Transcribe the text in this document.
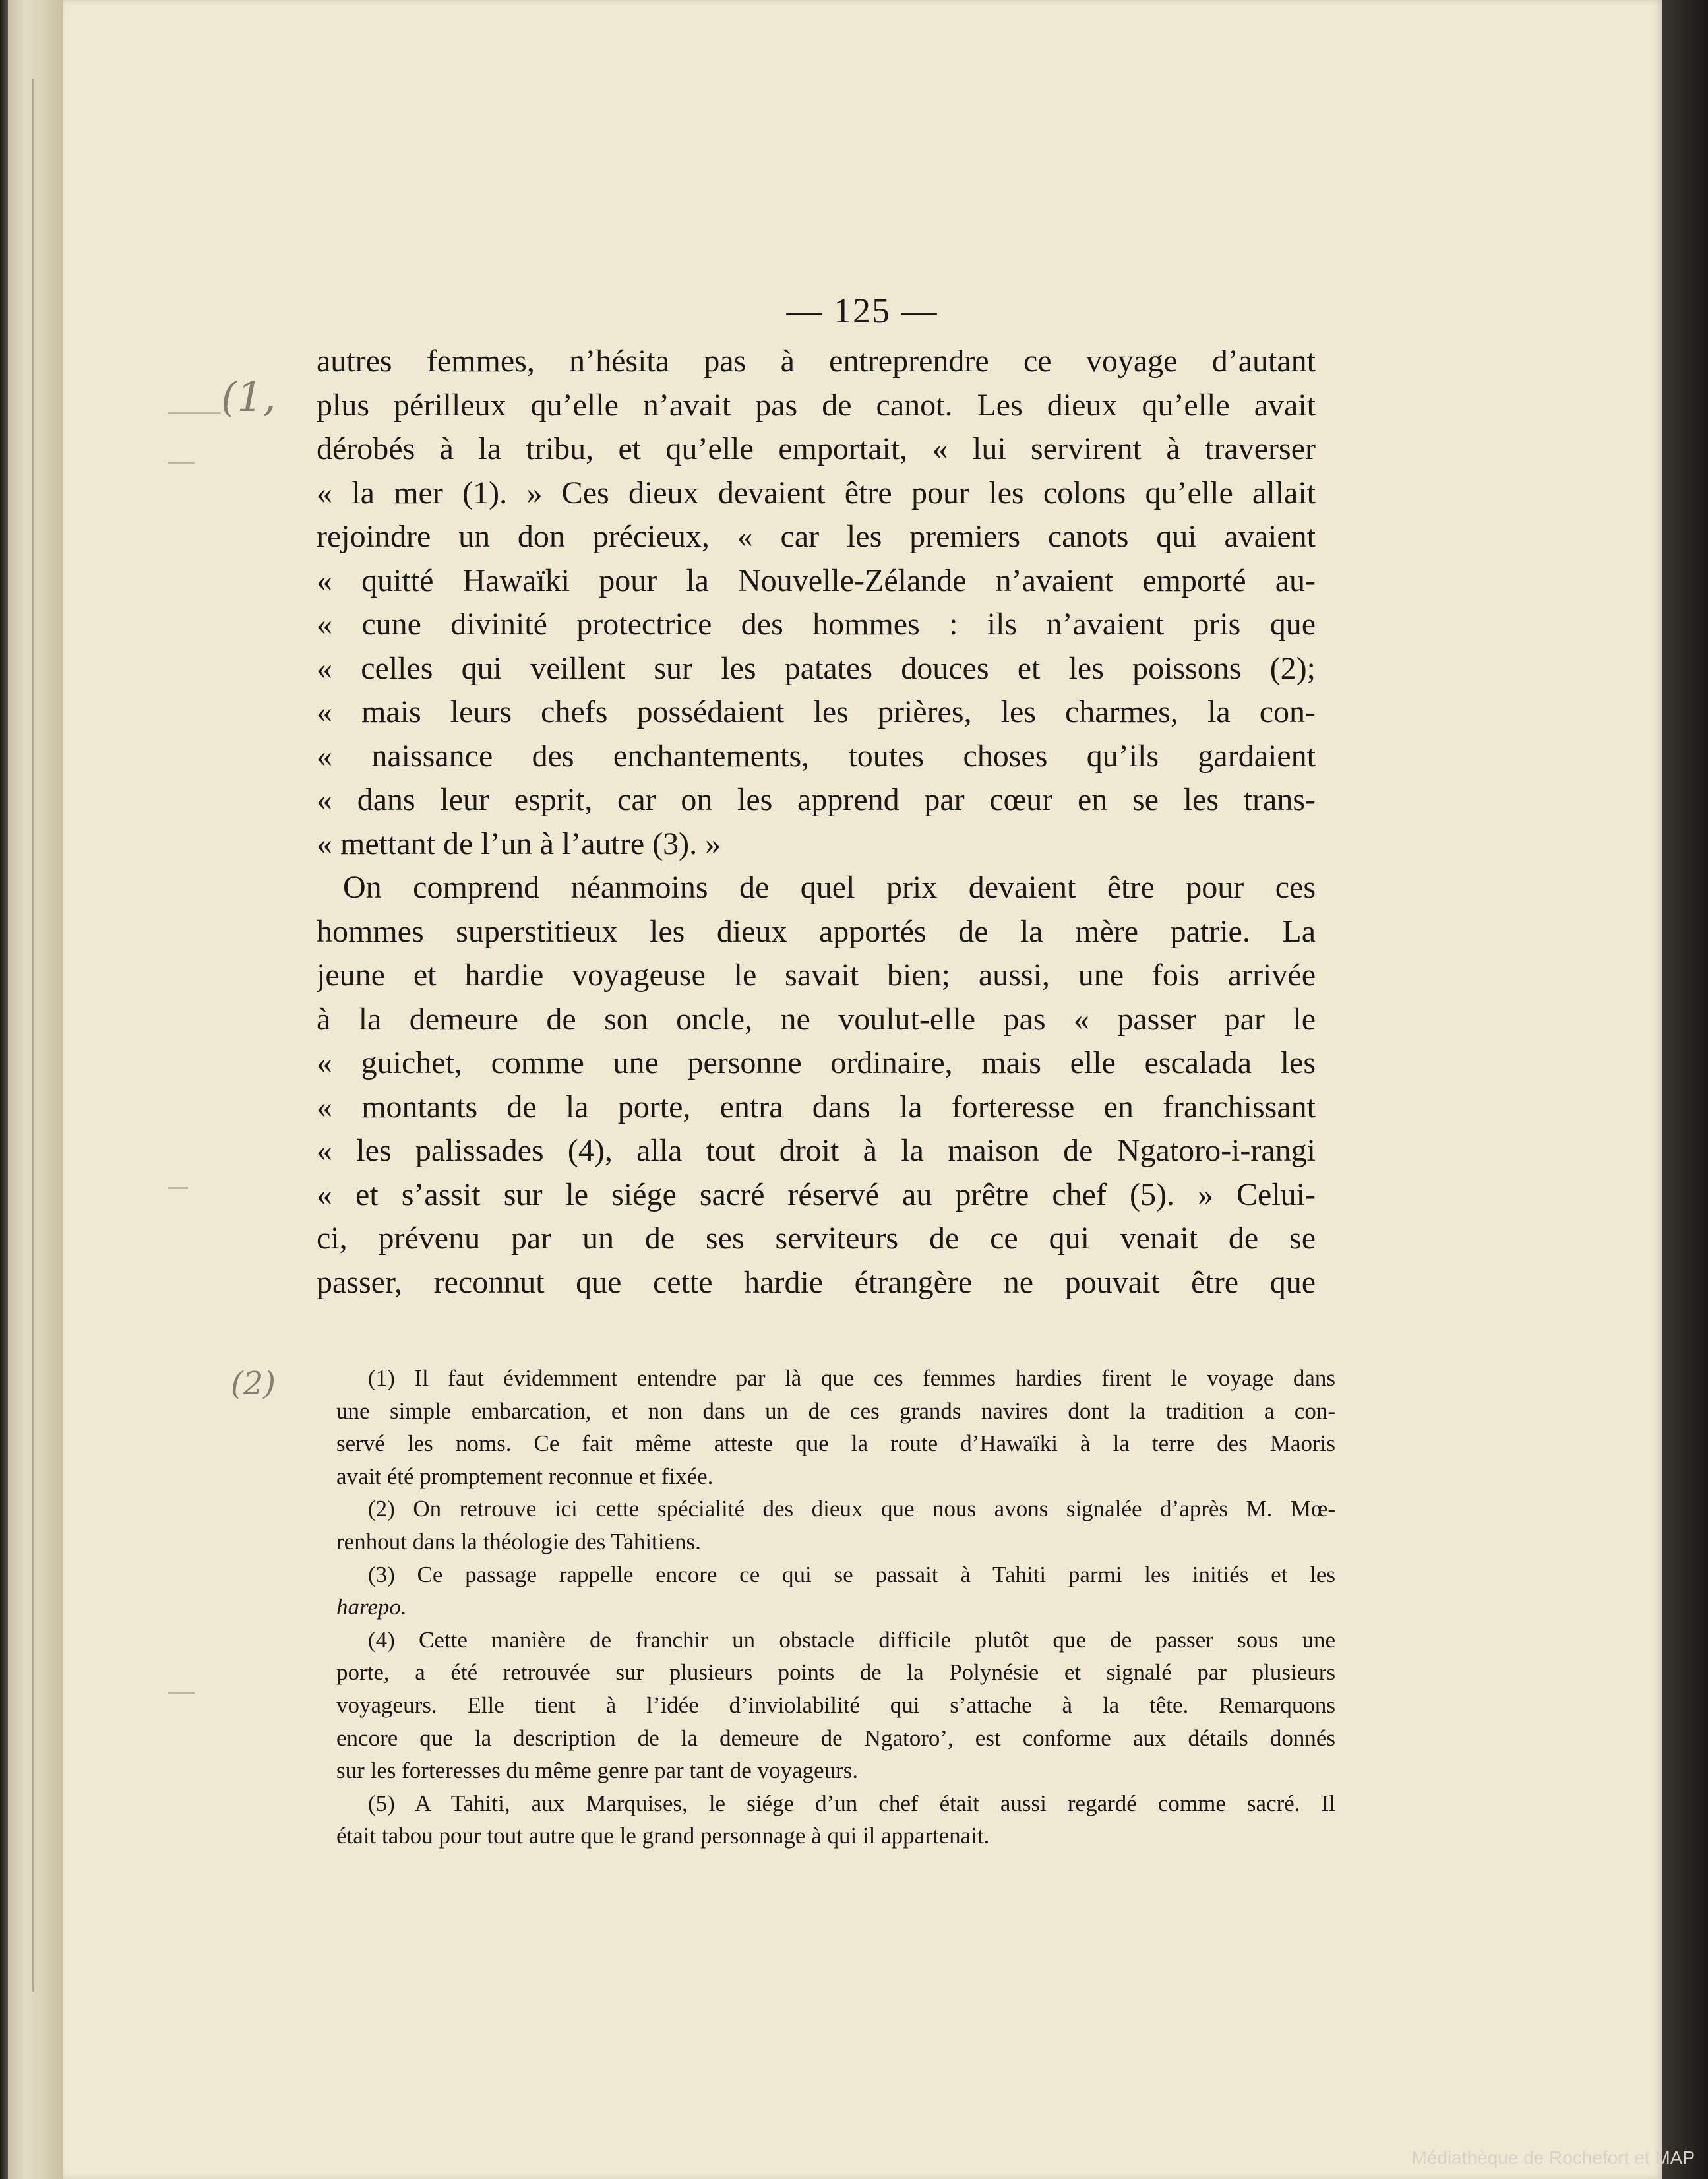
— 125 —
(1,
(2)
autres femmes, n’hésita pas à entreprendre ce voyage d’autant
plus périlleux qu’elle n’avait pas de canot. Les dieux qu’elle avait
dérobés à la tribu, et qu’elle emportait, « lui servirent à traverser
« la mer (1). » Ces dieux devaient être pour les colons qu’elle allait
rejoindre un don précieux, « car les premiers canots qui avaient
« quitté Hawaïki pour la Nouvelle-Zélande n’avaient emporté au-
« cune divinité protectrice des hommes : ils n’avaient pris que
« celles qui veillent sur les patates douces et les poissons (2);
« mais leurs chefs possédaient les prières, les charmes, la con-
« naissance des enchantements, toutes choses qu’ils gardaient
« dans leur esprit, car on les apprend par cœur en se les trans-
« mettant de l’un à l’autre (3). »
On comprend néanmoins de quel prix devaient être pour ces
hommes superstitieux les dieux apportés de la mère patrie. La
jeune et hardie voyageuse le savait bien; aussi, une fois arrivée
à la demeure de son oncle, ne voulut-elle pas « passer par le
« guichet, comme une personne ordinaire, mais elle escalada les
« montants de la porte, entra dans la forteresse en franchissant
« les palissades (4), alla tout droit à la maison de Ngatoro-i-rangi
« et s’assit sur le siége sacré réservé au prêtre chef (5). » Celui-
ci, prévenu par un de ses serviteurs de ce qui venait de se
passer, reconnut que cette hardie étrangère ne pouvait être que
(1) Il faut évidemment entendre par là que ces femmes hardies firent le voyage dans
une simple embarcation, et non dans un de ces grands navires dont la tradition a con-
servé les noms. Ce fait même atteste que la route d’Hawaïki à la terre des Maoris
avait été promptement reconnue et fixée.
(2) On retrouve ici cette spécialité des dieux que nous avons signalée d’après M. Mœ-
renhout dans la théologie des Tahitiens.
(3) Ce passage rappelle encore ce qui se passait à Tahiti parmi les initiés et les
harepo.
(4) Cette manière de franchir un obstacle difficile plutôt que de passer sous une
porte, a été retrouvée sur plusieurs points de la Polynésie et signalé par plusieurs
voyageurs. Elle tient à l’idée d’inviolabilité qui s’attache à la tête. Remarquons
encore que la description de la demeure de Ngatoro’, est conforme aux détails donnés
sur les forteresses du même genre par tant de voyageurs.
(5) A Tahiti, aux Marquises, le siége d’un chef était aussi regardé comme sacré. Il
était tabou pour tout autre que le grand personnage à qui il appartenait.
Médiathèque de Rochefort et MAP
